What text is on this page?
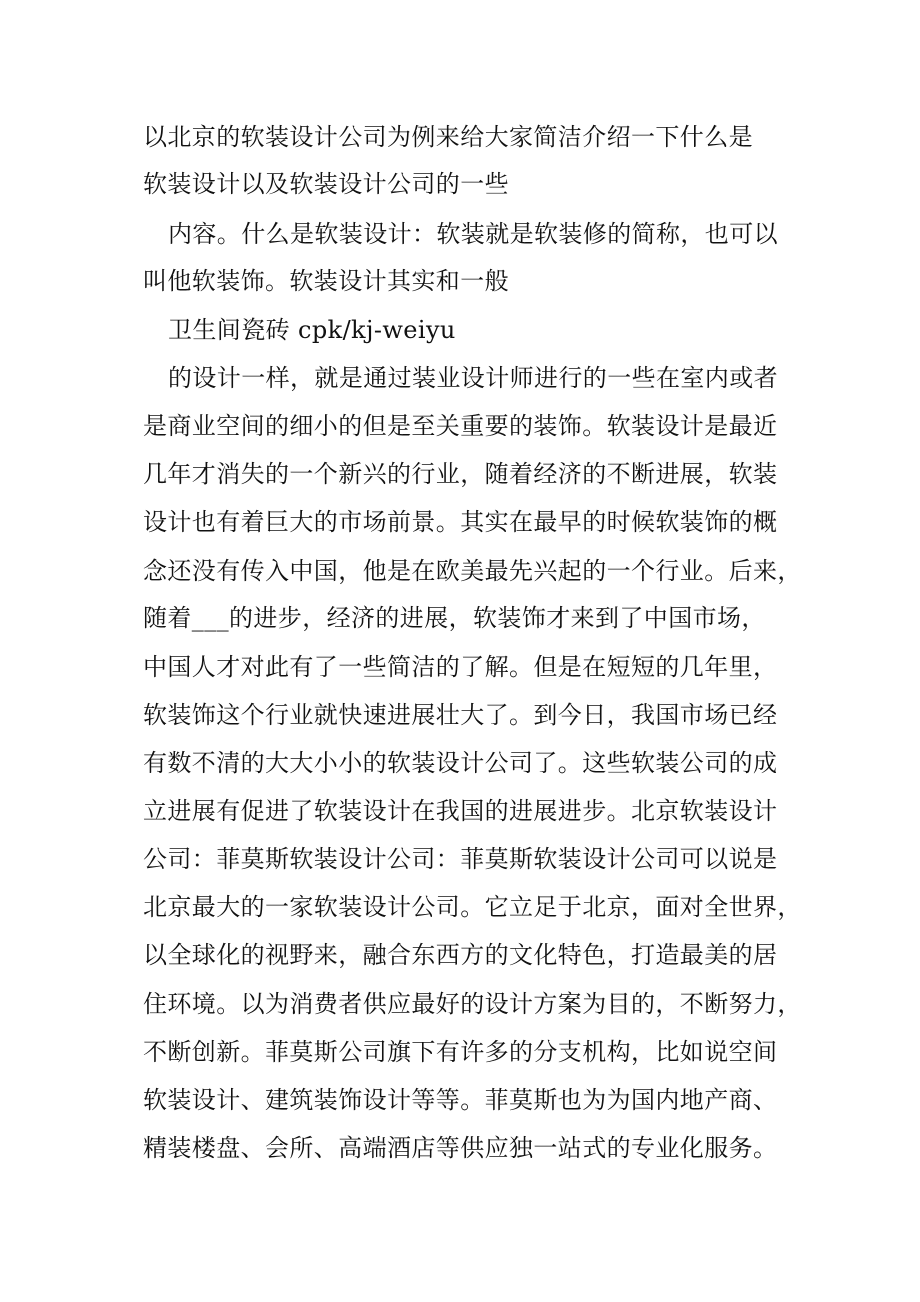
以北京的软装设计公司为例来给大家简洁介绍一下什么是
软装设计以及软装设计公司的一些
内容。什么是软装设计：软装就是软装修的简称，也可以
叫他软装饰。软装设计其实和一般
卫生间瓷砖 cpk/kj-weiyu
的设计一样，就是通过装业设计师进行的一些在室内或者
是商业空间的细小的但是至关重要的装饰。软装设计是最近
几年才消失的一个新兴的行业，随着经济的不断进展，软装
设计也有着巨大的市场前景。其实在最早的时候软装饰的概
念还没有传入中国，他是在欧美最先兴起的一个行业。后来，
随着___的进步，经济的进展，软装饰才来到了中国市场，
中国人才对此有了一些简洁的了解。但是在短短的几年里，
软装饰这个行业就快速进展壮大了。到今日，我国市场已经
有数不清的大大小小的软装设计公司了。这些软装公司的成
立进展有促进了软装设计在我国的进展进步。北京软装设计
公司：菲莫斯软装设计公司：菲莫斯软装设计公司可以说是
北京最大的一家软装设计公司。它立足于北京，面对全世界，
以全球化的视野来，融合东西方的文化特色，打造最美的居
住环境。以为消费者供应最好的设计方案为目的，不断努力，
不断创新。菲莫斯公司旗下有许多的分支机构，比如说空间
软装设计、建筑装饰设计等等。菲莫斯也为为国内地产商、
精装楼盘、会所、高端酒店等供应独一站式的专业化服务。
